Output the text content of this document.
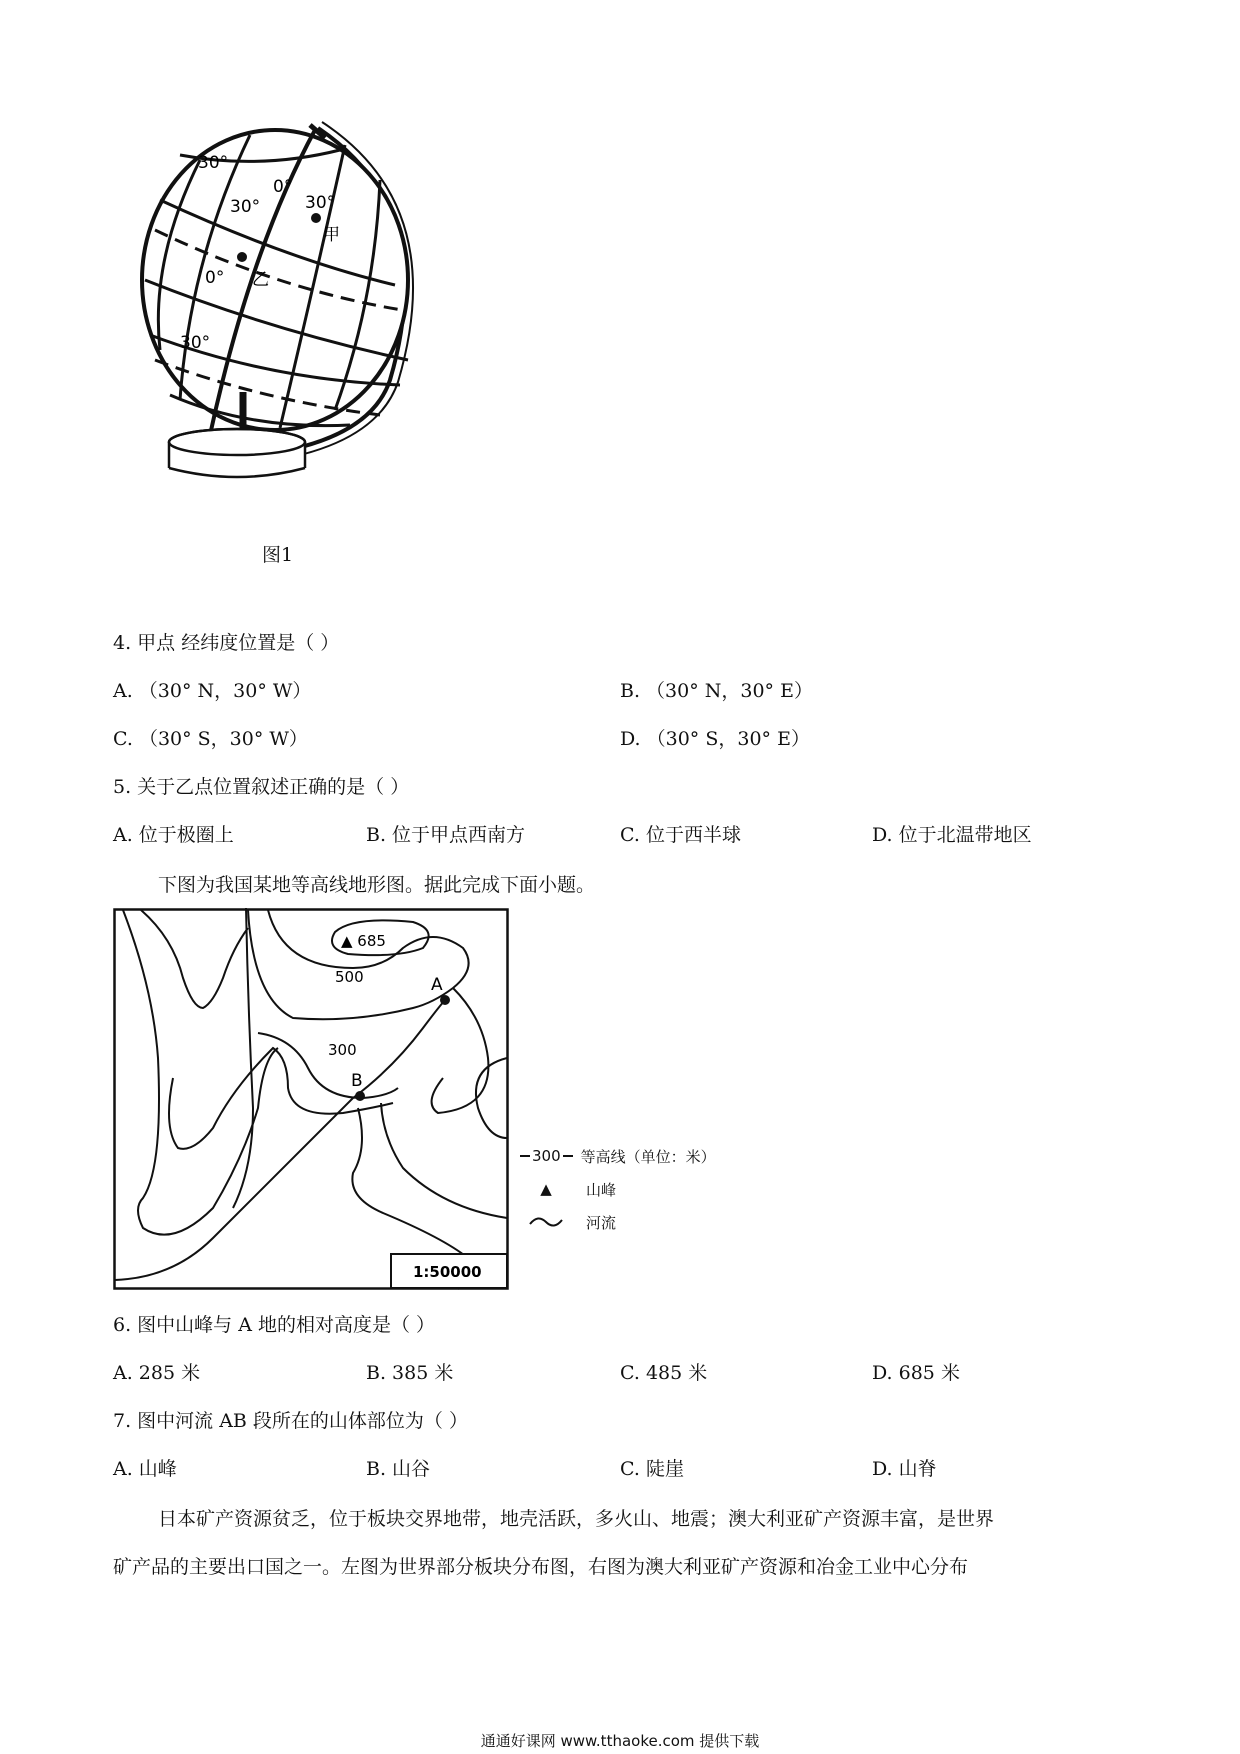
30°
0°
30°	30°
甲
0° 乙
30°
图1
4. 甲点 经纬度位置是（ ）
A. （30° N，30° W）	B. （30° N，30° E）
C. （30° S，30° W）	D. （30° S，30° E）
5. 关于乙点位置叙述正确的是（ ）
A. 位于极圈上	B. 位于甲点西南方	C. 位于西半球	D. 位于北温带地区
下图为我国某地等高线地形图。据此完成下面小题。
▲ 685
500
300
A
B
1:50000
300 等高线（单位：米）
▲	山峰
河流
6. 图中山峰与 A 地的相对高度是（ ）
A. 285 米	B. 385 米	C. 485 米	D. 685 米
7. 图中河流 AB 段所在的山体部位为（ ）
A. 山峰	B. 山谷	C. 陡崖	D. 山脊
日本矿产资源贫乏，位于板块交界地带，地壳活跃，多火山、地震；澳大利亚矿产资源丰富，是世界
矿产品的主要出口国之一。左图为世界部分板块分布图，右图为澳大利亚矿产资源和冶金工业中心分布
通通好课网 www.tthaoke.com 提供下载
